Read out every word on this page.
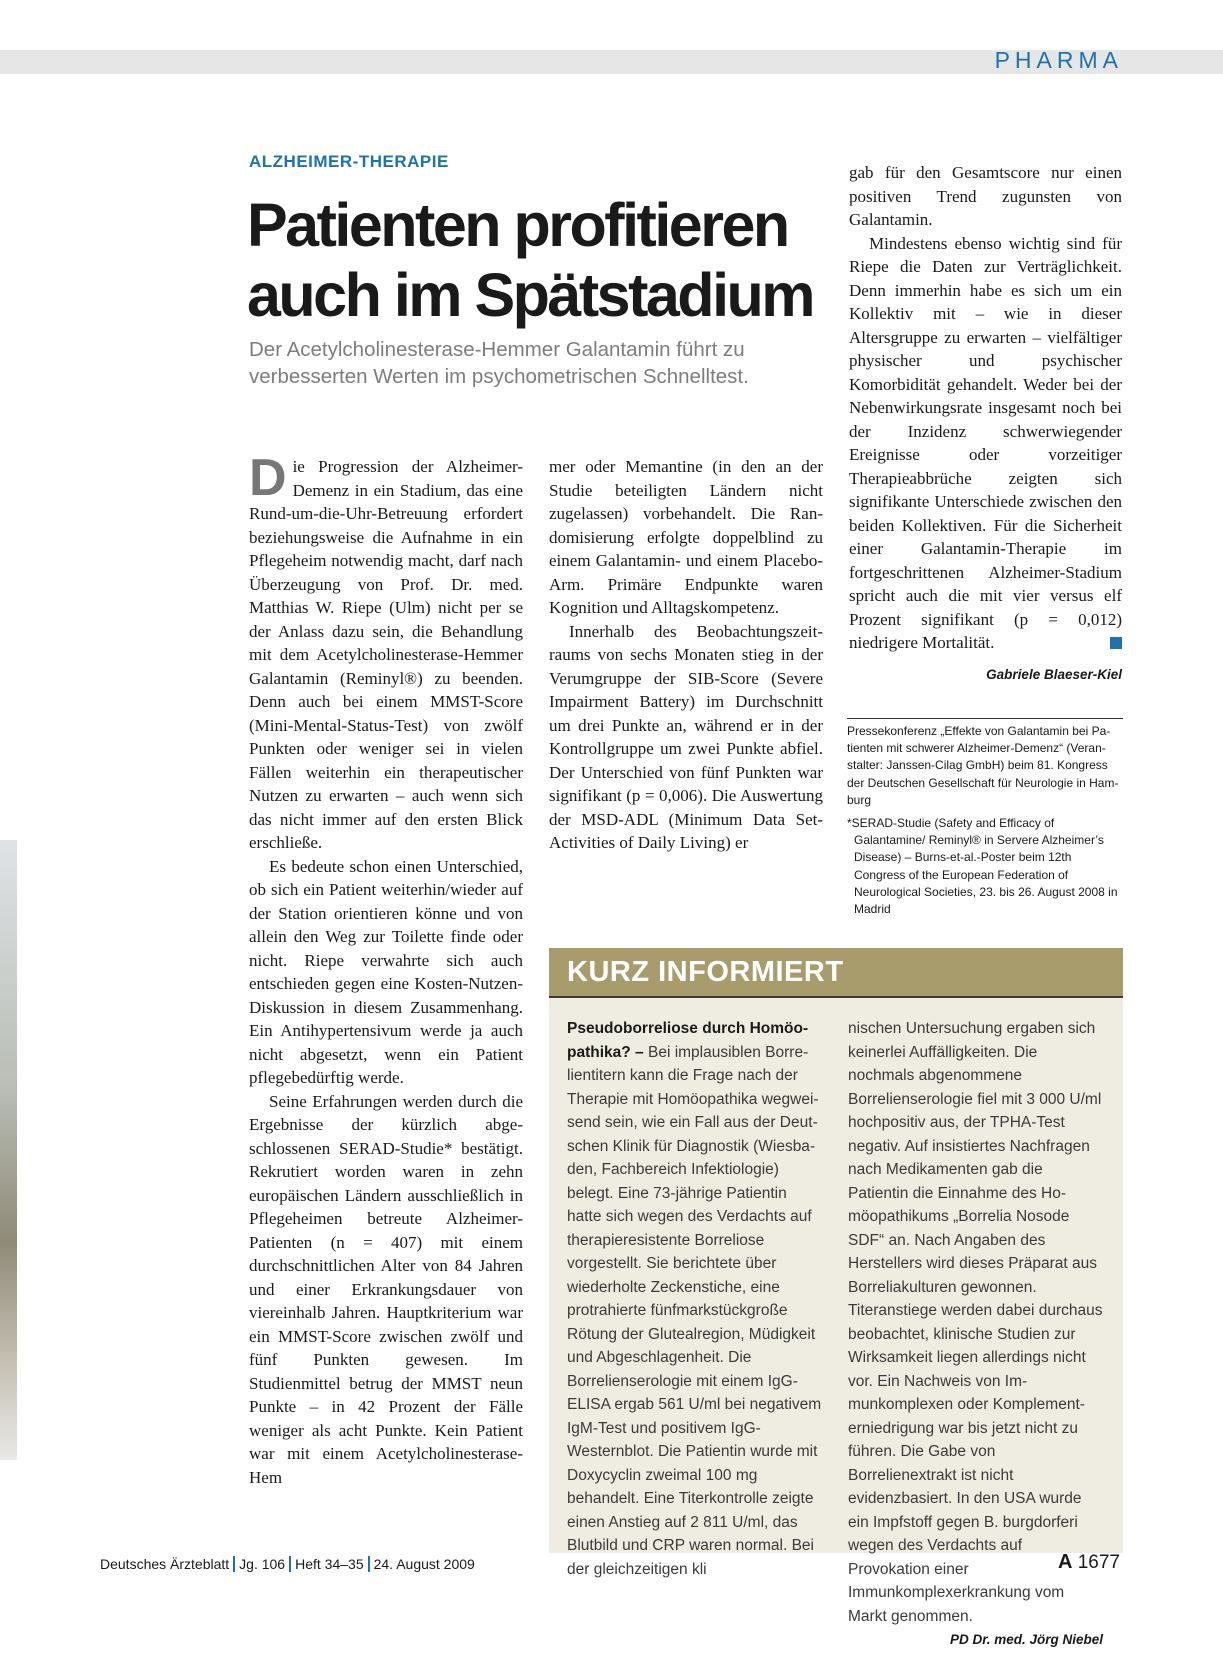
PHARMA
ALZHEIMER-THERAPIE
Patienten profitieren
auch im Spätstadium

Der Acetylcholinesterase-Hemmer Galantamin führt zu
verbesserten Werten im psychometrischen Schnelltest.

Die Progression der Alzheimer-Demenz in ein Stadium, das eine Rund-um-die-Uhr-Betreuung erfordert beziehungsweise die Aufnahme in ein Pflegeheim notwendig macht, darf nach Überzeugung von Prof. Dr. med. Matthias W. Riepe (Ulm) nicht per se der Anlass dazu sein, die Behandlung mit dem Acetylcholinesterase-Hemmer Galantamin (Reminyl®) zu beenden. Denn auch bei einem MMST-Score (Mini-Mental-Status-Test) von zwölf Punkten oder weniger sei in vielen Fällen weiterhin ein therapeutischer Nutzen zu erwarten – auch wenn sich das nicht immer auf den ersten Blick erschließe.

Es bedeute schon einen Unterschied, ob sich ein Patient weiterhin/wieder auf der Station orientieren könne und von allein den Weg zur Toilette finde oder nicht. Riepe verwahrte sich auch entschieden gegen eine Kosten-Nutzen-Diskussion in diesem Zusammenhang. Ein Antihypertensivum werde ja auch nicht abgesetzt, wenn ein Patient pflegebedürftig werde.

Seine Erfahrungen werden durch die Ergebnisse der kürzlich abgeschlossenen SERAD-Studie* bestätigt. Rekrutiert worden waren in zehn europäischen Ländern ausschließlich in Pflegeheimen betreute Alzheimer-Patienten (n = 407) mit einem durchschnittlichen Alter von 84 Jahren und einer Erkrankungsdauer von viereinhalb Jahren. Hauptkriterium war ein MMST-Score zwischen zwölf und fünf Punkten gewesen. Im Studienmittel betrug der MMST neun Punkte – in 42 Prozent der Fälle weniger als acht Punkte. Kein Patient war mit einem Acetylcholinesterase-Hem

mer oder Memantine (in den an der Studie beteiligten Ländern nicht zugelassen) vorbehandelt. Die Randomisierung erfolgte doppelblind zu einem Galantamin- und einem Placebo-Arm. Primäre Endpunkte waren Kognition und Alltagskompetenz.

Innerhalb des Beobachtungszeitraums von sechs Monaten stieg in der Verumgruppe der SIB-Score (Severe Impairment Battery) im Durchschnitt um drei Punkte an, während er in der Kontrollgruppe um zwei Punkte abfiel. Der Unterschied von fünf Punkten war signifikant (p = 0,006). Die Auswertung der MSD-ADL (Minimum Data Set-Activities of Daily Living) er

gab für den Gesamtscore nur einen positiven Trend zugunsten von Galantamin.

Mindestens ebenso wichtig sind für Riepe die Daten zur Verträglichkeit. Denn immerhin habe es sich um ein Kollektiv mit – wie in dieser Altersgruppe zu erwarten – vielfältiger physischer und psychischer Komorbidität gehandelt. Weder bei der Nebenwirkungsrate insgesamt noch bei der Inzidenz schwerwiegender Ereignisse oder vorzeitiger Therapieabbrüche zeigten sich signifikante Unterschiede zwischen den beiden Kollektiven. Für die Sicherheit einer Galantamin-Therapie im fortgeschrittenen Alzheimer-Stadium spricht auch die mit vier versus elf Prozent signifikant (p = 0,012) niedrigere Mortalität.

Gabriele Blaeser-Kiel

Pressekonferenz „Effekte von Galantamin bei Patienten mit schwerer Alzheimer-Demenz“ (Veranstalter: Janssen-Cilag GmbH) beim 81. Kongress der Deutschen Gesellschaft für Neurologie in Hamburg

*SERAD-Studie (Safety and Efficacy of Galantamine/ Reminyl® in Servere Alzheimer’s Disease) – Burns-et-al.-Poster beim 12th Congress of the European Federation of Neurological Societies, 23. bis 26. August 2008 in Madrid

KURZ INFORMIERT
Pseudoborreliose durch Homöopathika? – Bei implausiblen Borrelientitern kann die Frage nach der Therapie mit Homöopathika wegweisend sein, wie ein Fall aus der Deutschen Klinik für Diagnostik (Wiesbaden, Fachbereich Infektiologie) belegt. Eine 73-jährige Patientin hatte sich wegen des Verdachts auf therapieresistente Borreliose vorgestellt. Sie berichtete über wiederholte Zeckenstiche, eine protrahierte fünfmarkstückgroße Rötung der Glutealregion, Müdigkeit und Abgeschlagenheit. Die Borrelienserologie mit einem IgG-ELISA ergab 561 U/ml bei negativem IgM-Test und positivem IgG-Westernblot. Die Patientin wurde mit Doxycyclin zweimal 100 mg behandelt. Eine Titerkontrolle zeigte einen Anstieg auf 2 811 U/ml, das Blutbild und CRP waren normal. Bei der gleichzeitigen kli
nischen Untersuchung ergaben sich keinerlei Auffälligkeiten. Die nochmals abgenommene Borrelienserologie fiel mit 3 000 U/ml hochpositiv aus, der TPHA-Test negativ. Auf insistiertes Nachfragen nach Medikamenten gab die Patientin die Einnahme des Homöopathikums „Borrelia Nosode SDF“ an. Nach Angaben des Herstellers wird dieses Präparat aus Borreliakulturen gewonnen. Titeranstiege werden dabei durchaus beobachtet, klinische Studien zur Wirksamkeit liegen allerdings nicht vor. Ein Nachweis von Immunkomplexen oder Komplementerniedrigung war bis jetzt nicht zu führen. Die Gabe von Borrelienextrakt ist nicht evidenzbasiert. In den USA wurde ein Impfstoff gegen B. burgdorferi wegen des Verdachts auf Provokation einer Immunkomplexerkrankung vom Markt genommen.
PD Dr. med. Jörg Niebel
Deutsches Ärzteblatt Jg. 106 Heft 34–35 24. August 2009	A 1677
